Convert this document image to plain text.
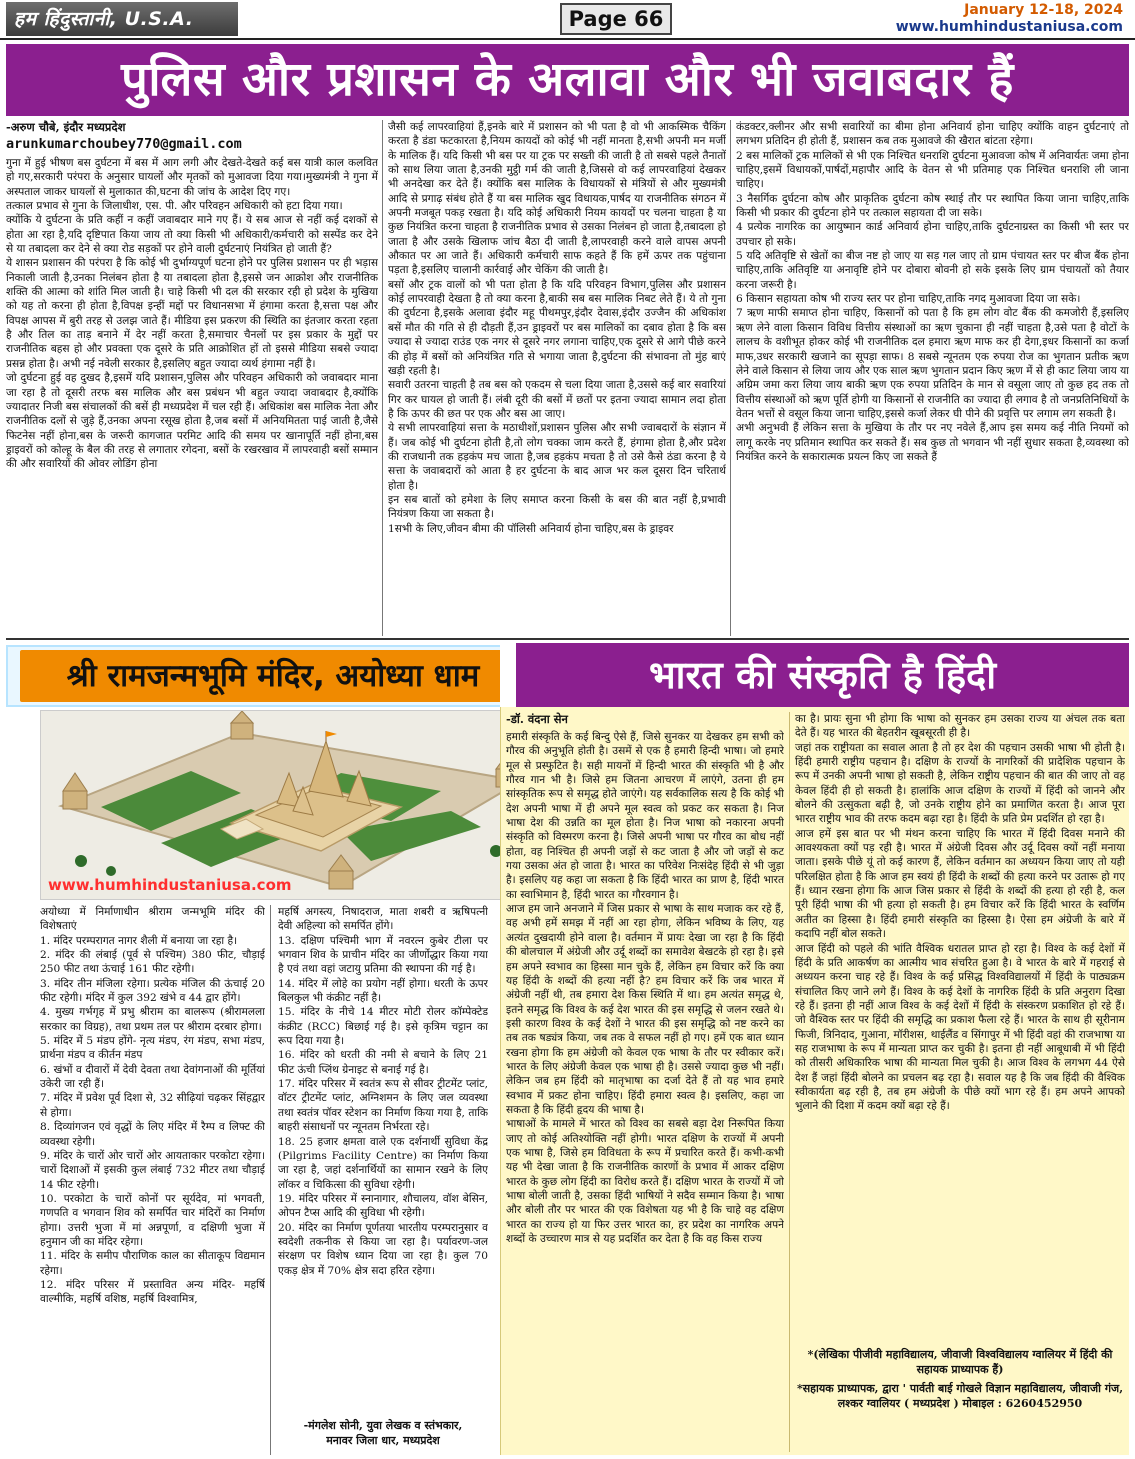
हम हिंदुस्तानी, U.S.A.	Page 66	January 12-18, 2024
www.humhindustaniusa.com
पुलिस और प्रशासन के अलावा और भी जवाबदार हैं
-अरुण चौबे, इंदौर मध्यप्रदेश
arunkumarchoubey770@gmail.com

गुना में हुई भीषण बस दुर्घटना में बस में आग लगी और देखते-देखते कई बस यात्री काल कलवित हो गए,सरकारी परंपरा के अनुसार घायलों और मृतकों को मुआवजा दिया गया।मुख्यमंत्री ने गुना में अस्पताल जाकर घायलों से मुलाकात की,घटना की जांच के आदेश दिए गए।

तत्काल प्रभाव से गुना के जिलाधीश, एस. पी. और परिवहन अधिकारी को हटा दिया गया।

क्योंकि ये दुर्घटना के प्रति कहीं न कहीं जवाबदार माने गए हैं। ये सब आज से नहीं कई दशकों से होता आ रहा है,यदि दृष्टिपात किया जाय तो क्या किसी भी अधिकारी/कर्मचारी को सस्पेंड कर देने से या तबादला कर देने से क्या रोड सड़कों पर होने वाली दुर्घटनाएं नियंत्रित हो जाती हैं?

ये शासन प्रशासन की परंपरा है कि कोई भी दुर्भाग्यपूर्ण घटना होने पर पुलिस प्रशासन पर ही भड़ास निकाली जाती है,उनका निलंबन होता है या तबादला होता है,इससे जन आक्रोश और राजनीतिक शक्ति की आत्मा को शांति मिल जाती है। चाहे किसी भी दल की सरकार रही हो प्रदेश के मुखिया को यह तो करना ही होता है,विपक्ष इन्हीं मद्दों पर विधानसभा में हंगामा करता है,सत्ता पक्ष और विपक्ष आपस में बुरी तरह से उलझ जाते हैं। मीडिया इस प्रकरण की स्थिति का इंतजार करता रहता है और तिल का ताड़ बनाने में देर नहीं करता है,समाचार चैनलों पर इस प्रकार के मुद्दों पर राजनीतिक बहस हो और प्रवक्ता एक दूसरे के प्रति आक्रोशित हों तो इससे मीडिया सबसे ज्यादा प्रसन्न होता है। अभी नई नवेली सरकार है,इसलिए बहुत ज्यादा व्यर्थ हंगामा नहीं है।

जो दुर्घटना हुई वह दुखद है,इसमें यदि प्रशासन,पुलिस और परिवहन अधिकारी को जवाबदार माना जा रहा है तो दूसरी तरफ बस मालिक और बस प्रबंधन भी बहुत ज्यादा जवाबदार है,क्योंकि ज्यादातर निजी बस संचालकों की बसें ही मध्यप्रदेश में चल रही हैं। अधिकांश बस मालिक नेता और राजनीतिक दलों से जुड़े हैं,उनका अपना रसूख होता है,जब बसों में अनियमितता पाई जाती है,जैसे फिटनेस नहीं होना,बस के जरूरी कागजात परमिट आदि की समय पर खानापूर्ति नहीं होना,बस ड्राइवरों को कोल्हू के बैल की तरह से लगातार रगेदना, बसों के रखरखाव में लापरवाही बसों सम्मान की और सवारियों की ओवर लोडिंग होना

जैसी कई लापरवाहियां हैं,इनके बारे में प्रशासन को भी पता है वो भी आकस्मिक चैकिंग करता है डंडा फटकारता है,नियम कायदों को कोई भी नहीं मानता है,सभी अपनी मन मर्जी के मालिक हैं। यदि किसी भी बस पर या ट्रक पर सख्ती की जाती है तो सबसे पहले तैनातों को साथ लिया जाता है,उनकी मुट्ठी गर्म की जाती है,जिससे वो कई लापरवाहियां देखकर भी अनदेखा कर देते हैं। क्योंकि बस मालिक के विधायकों से मंत्रियों से और मुख्यमंत्री आदि से प्रगाढ़ संबंध होते हैं या बस मालिक खुद विधायक,पार्षद या राजनीतिक संगठन में अपनी मजबूत पकड़ रखता है। यदि कोई अधिकारी नियम कायदों पर चलना चाहता है या कुछ नियंत्रित करना चाहता है राजनीतिक प्रभाव से उसका निलंबन हो जाता है,तबादला हो जाता है और उसके खिलाफ जांच बैठा दी जाती है,लापरवाही करने वाले वापस अपनी औकात पर आ जाते हैं। अधिकारी कर्मचारी साफ कहते हैं कि हमें ऊपर तक पहुंचाना पड़ता है,इसलिए चालानी कार्रवाई और चेकिंग की जाती है।

बसों और ट्रक वालों को भी पता होता है कि यदि परिवहन विभाग,पुलिस और प्रशासन कोई लापरवाही देखता है तो क्या करना है,बाकी सब बस मालिक निबट लेते हैं। ये तो गुना की दुर्घटना है,इसके अलावा इंदौर महू पीथमपुर,इंदौर देवास,इंदौर उज्जैन की अधिकांश बसें मौत की गति से ही दौड़ती हैं,उन ड्राइवरों पर बस मालिकों का दबाव होता है कि बस ज्यादा से ज्यादा राउंड एक नगर से दूसरे नगर लगाना चाहिए,एक दूसरे से आगे पीछे करने की होड़ में बसों को अनियंत्रित गति से भगाया जाता है,दुर्घटना की संभावना तो मुंह बाएं खड़ी रहती है।

सवारी उतरना चाहती है तब बस को एकदम से चला दिया जाता है,उससे कई बार सवारियां गिर कर घायल हो जाती हैं। लंबी दूरी की बसों में छतों पर इतना ज्यादा सामान लदा होता है कि ऊपर की छत पर एक और बस आ जाए।

ये सभी लापरवाहियां सत्ता के मठाधीशों,प्रशासन पुलिस और सभी ज्वाबदारों के संज्ञान में हैं। जब कोई भी दुर्घटना होती है,तो लोग चक्का जाम करते हैं, हंगामा होता है,और प्रदेश की राजधानी तक हड़कंप मच जाता है,जब हड़कंप मचता है तो उसे कैसे ठंडा करना है ये सत्ता के जवाबदारों को आता है हर दुर्घटना के बाद आज भर कल दूसरा दिन चरितार्थ होता है।

इन सब बातों को हमेशा के लिए समाप्त करना किसी के बस की बात नहीं है,प्रभावी नियंत्रण किया जा सकता है।

1सभी के लिए,जीवन बीमा की पॉलिसी अनिवार्य होना चाहिए,बस के ड्राइवर

कंडक्टर,क्लीनर और सभी सवारियों का बीमा होना अनिवार्य होना चाहिए क्योंकि वाहन दुर्घटनाएं तो लगभग प्रतिदिन ही होती हैं, प्रशासन कब तक मुआवजे की खैरात बांटता रहेगा।

2 बस मालिकों ट्रक मालिकों से भी एक निश्चित धनराशि दुर्घटना मुआवजा कोष में अनिवार्यतः जमा होना चाहिए,इसमें विधायकों,पार्षदों,महापौर आदि के वेतन से भी प्रतिमाह एक निश्चित धनराशि ली जाना चाहिए।

3 नैसर्गिक दुर्घटना कोष और प्राकृतिक दुर्घटना कोष स्थाई तौर पर स्थापित किया जाना चाहिए,ताकि किसी भी प्रकार की दुर्घटना होने पर तत्काल सहायता दी जा सके।

4 प्रत्येक नागरिक का आयुष्मान कार्ड अनिवार्य होना चाहिए,ताकि दुर्घटनाग्रस्त का किसी भी स्तर पर उपचार हो सके।

5 यदि अतिवृष्टि से खेतों का बीज नष्ट हो जाए या सड़ गल जाए तो ग्राम पंचायत स्तर पर बीज बैंक होना चाहिए,ताकि अतिवृष्टि या अनावृष्टि होने पर दोबारा बोवनी हो सके इसके लिए ग्राम पंचायतों को तैयार करना जरूरी है।

6 किसान सहायता कोष भी राज्य स्तर पर होना चाहिए,ताकि नगद मुआवजा दिया जा सके।

7 ऋण माफी समाप्त होना चाहिए, किसानों को पता है कि हम लोग वोट बैंक की कमजोरी हैं,इसलिए ऋण लेने वाला किसान विविध वित्तीय संस्थाओं का ऋण चुकाना ही नहीं चाहता है,उसे पता है वोटों के लालच के वशीभूत होकर कोई भी राजनीतिक दल हमारा ऋण माफ कर ही देगा,इधर किसानों का कर्जा माफ,उधर सरकारी खजाने का सूपड़ा साफ। 8 सबसे न्यूनतम एक रुपया रोज का भुगतान प्रतीक ऋण लेने वाले किसान से लिया जाय और एक साल ऋण भुगतान प्रदान किए ऋण में से ही काट लिया जाय या अग्रिम जमा करा लिया जाय बाकी ऋण एक रुपया प्रतिदिन के मान से वसूला जाए तो कुछ हद तक तो वित्तीय संस्थाओं को ऋण पूर्ति होगी या किसानों से राजनीति का ज्यादा ही लगाव है तो जनप्रतिनिधियों के वेतन भत्तों से वसूल किया जाना चाहिए,इससे कर्जा लेकर घी पीने की प्रवृत्ति पर लगाम लग सकती है।

अभी अनुभवी हैं लेकिन सत्ता के मुखिया के तौर पर नए नवेले हैं,आप इस समय कई नीति नियमों को लागू करके नए प्रतिमान स्थापित कर सकते हैं। सब कुछ तो भगवान भी नहीं सुधार सकता है,व्यवस्था को नियंत्रित करने के सकारात्मक प्रयत्न किए जा सकते हैं

श्री रामजन्मभूमि मंदिर, अयोध्या धाम
www.humhindustaniusa.com

अयोध्या में निर्माणाधीन श्रीराम जन्मभूमि मंदिर की विशेषताएं

1. मंदिर परम्परागत नागर शैली में बनाया जा रहा है।

2. मंदिर की लंबाई (पूर्व से पश्चिम) 380 फीट, चौड़ाई 250 फीट तथा ऊंचाई 161 फीट रहेगी।

3. मंदिर तीन मंजिला रहेगा। प्रत्येक मंजिल की ऊंचाई 20 फीट रहेगी। मंदिर में कुल 392 खंभे व 44 द्वार होंगे।

4. मुख्य गर्भगृह में प्रभु श्रीराम का बालरूप (श्रीरामलला सरकार का विग्रह), तथा प्रथम तल पर श्रीराम दरबार होगा।

5. मंदिर में 5 मंडप होंगे- नृत्य मंडप, रंग मंडप, सभा मंडप, प्रार्थना मंडप व कीर्तन मंडप

6. खंभों व दीवारों में देवी देवता तथा देवांगनाओं की मूर्तियां उकेरी जा रही हैं।

7. मंदिर में प्रवेश पूर्व दिशा से, 32 सीढ़ियां चढ़कर सिंहद्वार से होगा।

8. दिव्यांगजन एवं वृद्धों के लिए मंदिर में रैम्प व लिफ्ट की व्यवस्था रहेगी।

9. मंदिर के चारों ओर चारों ओर आयताकार परकोटा रहेगा। चारों दिशाओं में इसकी कुल लंबाई 732 मीटर तथा चौड़ाई 14 फीट रहेगी।

10. परकोटा के चारों कोनों पर सूर्यदेव, मां भगवती, गणपति व भगवान शिव को समर्पित चार मंदिरों का निर्माण होगा। उत्तरी भुजा में मां अन्नपूर्णा, व दक्षिणी भुजा में हनुमान जी का मंदिर रहेगा।

11. मंदिर के समीप पौराणिक काल का सीताकूप विद्यमान रहेगा।

12. मंदिर परिसर में प्रस्तावित अन्य मंदिर- महर्षि वाल्मीकि, महर्षि वशिष्ठ, महर्षि विश्वामित्र,

महर्षि अगस्त्य, निषादराज, माता शबरी व ऋषिपत्नी देवी अहिल्या को समर्पित होंगे।

13. दक्षिण पश्चिमी भाग में नवरत्न कुबेर टीला पर भगवान शिव के प्राचीन मंदिर का जीर्णोद्धार किया गया है एवं तथा वहां जटायु प्रतिमा की स्थापना की गई है।

14. मंदिर में लोहे का प्रयोग नहीं होगा। धरती के ऊपर बिलकुल भी कंक्रीट नहीं है।

15. मंदिर के नीचे 14 मीटर मोटी रोलर कॉम्पेक्टेड कंक्रीट (RCC) बिछाई गई है। इसे कृत्रिम चट्टान का रूप दिया गया है।

16. मंदिर को धरती की नमी से बचाने के लिए 21 फीट ऊंची प्लिंथ ग्रेनाइट से बनाई गई है।

17. मंदिर परिसर में स्वतंत्र रूप से सीवर ट्रीटमेंट प्लांट, वॉटर ट्रीटमेंट प्लांट, अग्निशमन के लिए जल व्यवस्था तथा स्वतंत्र पॉवर स्टेशन का निर्माण किया गया है, ताकि बाहरी संसाधनों पर न्यूनतम निर्भरता रहे।

18. 25 हजार क्षमता वाले एक दर्शनार्थी सुविधा केंद्र (Pilgrims Facility Centre) का निर्माण किया जा रहा है, जहां दर्शनार्थियों का सामान रखने के लिए लॉकर व चिकित्सा की सुविधा रहेगी।

19. मंदिर परिसर में स्नानागार, शौचालय, वॉश बेसिन, ओपन टैप्स आदि की सुविधा भी रहेगी।

20. मंदिर का निर्माण पूर्णतया भारतीय परम्परानुसार व स्वदेशी तकनीक से किया जा रहा है। पर्यावरण-जल संरक्षण पर विशेष ध्यान दिया जा रहा है। कुल 70 एकड़ क्षेत्र में 70% क्षेत्र सदा हरित रहेगा।

-मंगलेश सोनी, युवा लेखक व स्तंभकार,
मनावर जिला धार, मध्यप्रदेश
भारत की संस्कृति है हिंदी
-डॉ. वंदना सेन

हमारी संस्कृति के कई बिन्दु ऐसे हैं, जिसे सुनकर या देखकर हम सभी को गौरव की अनुभूति होती है। उसमें से एक है हमारी हिन्दी भाषा। जो हमारे मूल से प्रस्फुटित है। सही मायनों में हिन्दी भारत की संस्कृति भी है और गौरव गान भी है। जिसे हम जितना आचरण में लाएंगे, उतना ही हम सांस्कृतिक रूप से समृद्ध होते जाएंगे। यह सर्वकालिक सत्य है कि कोई भी देश अपनी भाषा में ही अपने मूल स्वत्व को प्रकट कर सकता है। निज भाषा देश की उन्नति का मूल होता है। निज भाषा को नकारना अपनी संस्कृति को विस्मरण करना है। जिसे अपनी भाषा पर गौरव का बोध नहीं होता, वह निश्चित ही अपनी जड़ों से कट जाता है और जो जड़ों से कट गया उसका अंत हो जाता है। भारत का परिवेश निःसंदेह हिंदी से भी जुड़ा है। इसलिए यह कहा जा सकता है कि हिंदी भारत का प्राण है, हिंदी भारत का स्वाभिमान है, हिंदी भारत का गौरवगान है।

आज हम जाने अनजाने में जिस प्रकार से भाषा के साथ मजाक कर रहे हैं, वह अभी हमें समझ में नहीं आ रहा होगा, लेकिन भविष्य के लिए, यह अत्यंत दुखदायी होने वाला है। वर्तमान में प्रायः देखा जा रहा है कि हिंदी की बोलचाल में अंग्रेजी और उर्दू शब्दों का समावेश बेखटके हो रहा है। इसे हम अपने स्वभाव का हिस्सा मान चुके हैं, लेकिन हम विचार करें कि क्या यह हिंदी के शब्दों की हत्या नहीं है? हम विचार करें कि जब भारत में अंग्रेजी नहीं थी, तब हमारा देश किस स्थिति में था। हम अत्यंत समृद्ध थे, इतने समृद्ध कि विश्व के कई देश भारत की इस समृद्धि से जलन रखते थे। इसी कारण विश्व के कई देशों ने भारत की इस समृद्धि को नष्ट करने का तब तक षड्यंत्र किया, जब तक वे सफल नहीं हो गए। हमें एक बात ध्यान रखना होगा कि हम अंग्रेजी को केवल एक भाषा के तौर पर स्वीकार करें। भारत के लिए अंग्रेजी केवल एक भाषा ही है। उससे ज्यादा कुछ भी नहीं। लेकिन जब हम हिंदी को मातृभाषा का दर्जा देते हैं तो यह भाव हमारे स्वभाव में प्रकट होना चाहिए। हिंदी हमारा स्वत्व है। इसलिए, कहा जा सकता है कि हिंदी हृदय की भाषा है।

भाषाओं के मामले में भारत को विश्व का सबसे बड़ा देश निरूपित किया जाए तो कोई अतिश्योक्ति नहीं होगी। भारत दक्षिण के राज्यों में अपनी एक भाषा है, जिसे हम विविधता के रूप में प्रचारित करते हैं। कभी-कभी यह भी देखा जाता है कि राजनीतिक कारणों के प्रभाव में आकर दक्षिण भारत के कुछ लोग हिंदी का विरोध करते हैं। दक्षिण भारत के राज्यों में जो भाषा बोली जाती है, उसका हिंदी भाषियों ने सदैव सम्मान किया है। भाषा और बोली तौर पर भारत की एक विशेषता यह भी है कि चाहे वह दक्षिण भारत का राज्य हो या फिर उत्तर भारत का, हर प्रदेश का नागरिक अपने शब्दों के उच्चारण मात्र से यह प्रदर्शित कर देता है कि वह किस राज्य

का है। प्रायः सुना भी होगा कि भाषा को सुनकर हम उसका राज्य या अंचल तक बता देते हैं। यह भारत की बेहतरीन खूबसूरती ही है।

जहां तक राष्ट्रीयता का सवाल आता है तो हर देश की पहचान उसकी भाषा भी होती है। हिंदी हमारी राष्ट्रीय पहचान है। दक्षिण के राज्यों के नागरिकों की प्रादेशिक पहचान के रूप में उनकी अपनी भाषा हो सकती है, लेकिन राष्ट्रीय पहचान की बात की जाए तो वह केवल हिंदी ही हो सकती है। हालांकि आज दक्षिण के राज्यों में हिंदी को जानने और बोलने की उत्सुकता बढ़ी है, जो उनके राष्ट्रीय होने का प्रमाणित करता है। आज पूरा भारत राष्ट्रीय भाव की तरफ कदम बढ़ा रहा है। हिंदी के प्रति प्रेम प्रदर्शित हो रहा है।

आज हमें इस बात पर भी मंथन करना चाहिए कि भारत में हिंदी दिवस मनाने की आवश्यकता क्यों पड़ रही है। भारत में अंग्रेजी दिवस और उर्दू दिवस क्यों नहीं मनाया जाता। इसके पीछे यूं तो कई कारण हैं, लेकिन वर्तमान का अध्ययन किया जाए तो यही परिलक्षित होता है कि आज हम स्वयं ही हिंदी के शब्दों की हत्या करने पर उतारू हो गए हैं। ध्यान रखना होगा कि आज जिस प्रकार से हिंदी के शब्दों की हत्या हो रही है, कल पूरी हिंदी भाषा की भी हत्या हो सकती है। हम विचार करें कि हिंदी भारत के स्वर्णिम अतीत का हिस्सा है। हिंदी हमारी संस्कृति का हिस्सा है। ऐसा हम अंग्रेजी के बारे में कदापि नहीं बोल सकते।

आज हिंदी को पहले की भांति वैश्विक धरातल प्राप्त हो रहा है। विश्व के कई देशों में हिंदी के प्रति आकर्षण का आत्मीय भाव संचरित हुआ है। वे भारत के बारे में गहराई से अध्ययन करना चाह रहे हैं। विश्व के कई प्रसिद्ध विश्वविद्यालयों में हिंदी के पाठ्यक्रम संचालित किए जाने लगे हैं। विश्व के कई देशों के नागरिक हिंदी के प्रति अनुराग दिखा रहे हैं। इतना ही नहीं आज विश्व के कई देशों में हिंदी के संस्करण प्रकाशित हो रहे हैं। जो वैश्विक स्तर पर हिंदी की समृद्धि का प्रकाश फैला रहे हैं। भारत के साथ ही सूरीनाम फिजी, त्रिनिदाद, गुआना, मॉरीशस, थाईलैंड व सिंगापुर में भी हिंदी वहां की राजभाषा या सह राजभाषा के रूप में मान्यता प्राप्त कर चुकी है। इतना ही नहीं आबूधाबी में भी हिंदी को तीसरी अधिकारिक भाषा की मान्यता मिल चुकी है। आज विश्व के लगभग 44 ऐसे देश हैं जहां हिंदी बोलने का प्रचलन बढ़ रहा है। सवाल यह है कि जब हिंदी की वैश्विक स्वीकार्यता बढ़ रही है, तब हम अंग्रेजी के पीछे क्यों भाग रहे हैं। हम अपने आपको भुलाने की दिशा में कदम क्यों बढ़ा रहे हैं।

*(लेखिका पीजीवी महाविद्यालय, जीवाजी विश्वविद्यालय ग्वालियर में हिंदी की सहायक प्राध्यापक हैं)
*सहायक प्राध्यापक, द्वारा ' पार्वती बाई गोखले विज्ञान महाविद्यालय, जीवाजी गंज, लश्कर ग्वालियर ( मध्यप्रदेश ) मोबाइल : 6260452950
